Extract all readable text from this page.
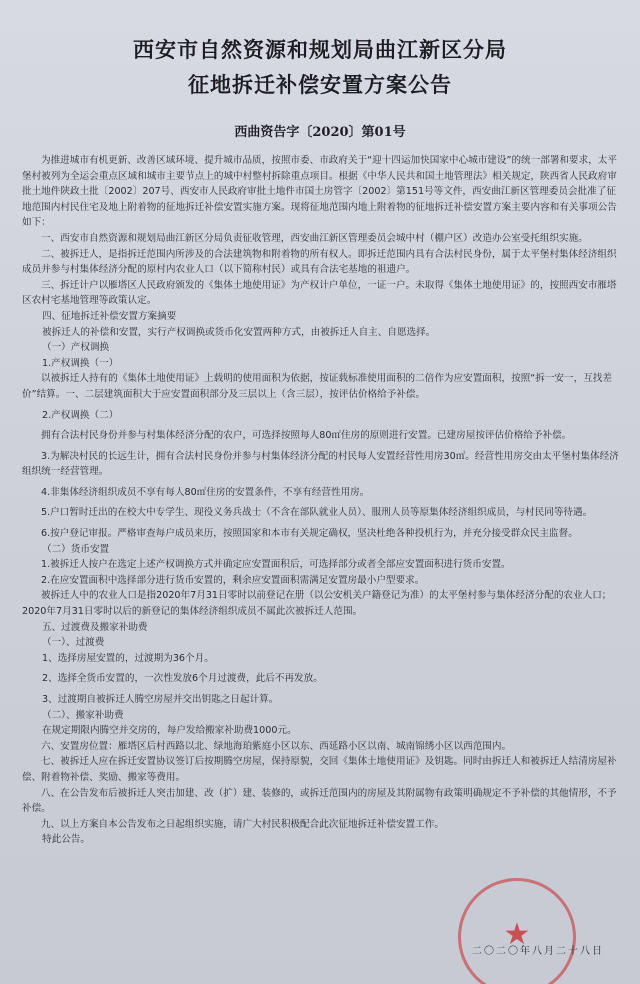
西安市自然资源和规划局曲江新区分局
征地拆迁补偿安置方案公告
西曲资告字〔2020〕第01号

为推进城市有机更新、改善区域环境、提升城市品质，按照市委、市政府关于“迎十四运加快国家中心城市建设”的统一部署和要求，太平堡村被列为全运会重点区域和城市主要节点上的城中村整村拆除重点项目。根据《中华人民共和国土地管理法》相关规定，陕西省人民政府审批土地件陕政土批〔2002〕207号、西安市人民政府审批土地件市国土房管字〔2002〕第151号等文件，西安曲江新区管理委员会批准了征地范围内村民住宅及地上附着物的征地拆迁补偿安置实施方案。现将征地范围内地上附着物的征地拆迁补偿安置方案主要内容和有关事项公告如下：

一、西安市自然资源和规划局曲江新区分局负责征收管理，西安曲江新区管理委员会城中村（棚户区）改造办公室受托组织实施。

二、被拆迁人，是指拆迁范围内所涉及的合法建筑物和附着物的所有权人。即拆迁范围内具有合法村民身份，属于太平堡村集体经济组织成员并参与村集体经济分配的原村内农业人口（以下简称村民）或具有合法宅基地的祖遗户。

三、拆迁计户以雁塔区人民政府颁发的《集体土地使用证》为产权计户单位，一证一户。未取得《集体土地使用证》的，按照西安市雁塔区农村宅基地管理等政策认定。

四、征地拆迁补偿安置方案摘要

被拆迁人的补偿和安置，实行产权调换或货币化安置两种方式，由被拆迁人自主、自愿选择。

（一）产权调换

1.产权调换（一）

以被拆迁人持有的《集体土地使用证》上载明的使用面积为依据，按证载标准使用面积的二倍作为应安置面积，按照“拆一安一，互找差价”结算。一、二层建筑面积大于应安置面积部分及三层以上（含三层），按评估价格给予补偿。

2.产权调换（二）

拥有合法村民身份并参与村集体经济分配的农户，可选择按照每人80㎡住房的原则进行安置。已建房屋按评估价格给予补偿。

3.为解决村民的长远生计，拥有合法村民身份并参与村集体经济分配的村民每人安置经营性用房30㎡。经营性用房交由太平堡村集体经济组织统一经营管理。

4.非集体经济组织成员不享有每人80㎡住房的安置条件，不享有经营性用房。

5.户口暂时迁出的在校大中专学生、现役义务兵战士（不含在部队就业人员）、服刑人员等原集体经济组织成员，与村民同等待遇。

6.按户登记审报。严格审查每户成员来历，按照国家和本市有关规定确权，坚决杜绝各种投机行为，并充分接受群众民主监督。

（二）货币安置

1.被拆迁人按户在选定上述产权调换方式并确定应安置面积后，可选择部分或者全部应安置面积进行货币安置。

2.在应安置面积中选择部分进行货币安置的，剩余应安置面积需满足安置房最小户型要求。

被拆迁人中的农业人口是指2020年7月31日零时以前登记在册（以公安机关户籍登记为准）的太平堡村参与集体经济分配的农业人口；2020年7月31日零时以后的新登记的集体经济组织成员不属此次被拆迁人范围。

五、过渡费及搬家补助费

（一）、过渡费

1、选择房屋安置的，过渡期为36个月。

2、选择全货币安置的，一次性发放6个月过渡费，此后不再发放。

3、过渡期自被拆迁人腾空房屋并交出钥匙之日起计算。

（二）、搬家补助费

在规定期限内腾空并交房的，每户发给搬家补助费1000元。

六、安置房位置：雁塔区后村西路以北、绿地海珀紫庭小区以东、西延路小区以南、城南锦绣小区以西范围内。

七、被拆迁人应在拆迁安置协议签订后按期腾空房屋，保持原貌，交回《集体土地使用证》及钥匙。同时由拆迁人和被拆迁人结清房屋补偿、附着物补偿、奖励、搬家等费用。

八、在公告发布后被拆迁人突击加建、改（扩）建、装修的，或拆迁范围内的房屋及其附属物有政策明确规定不予补偿的其他情形，不予补偿。

九、以上方案自本公告发布之日起组织实施，请广大村民积极配合此次征地拆迁补偿安置工作。

特此公告。

★
二〇二〇年八月二十八日
